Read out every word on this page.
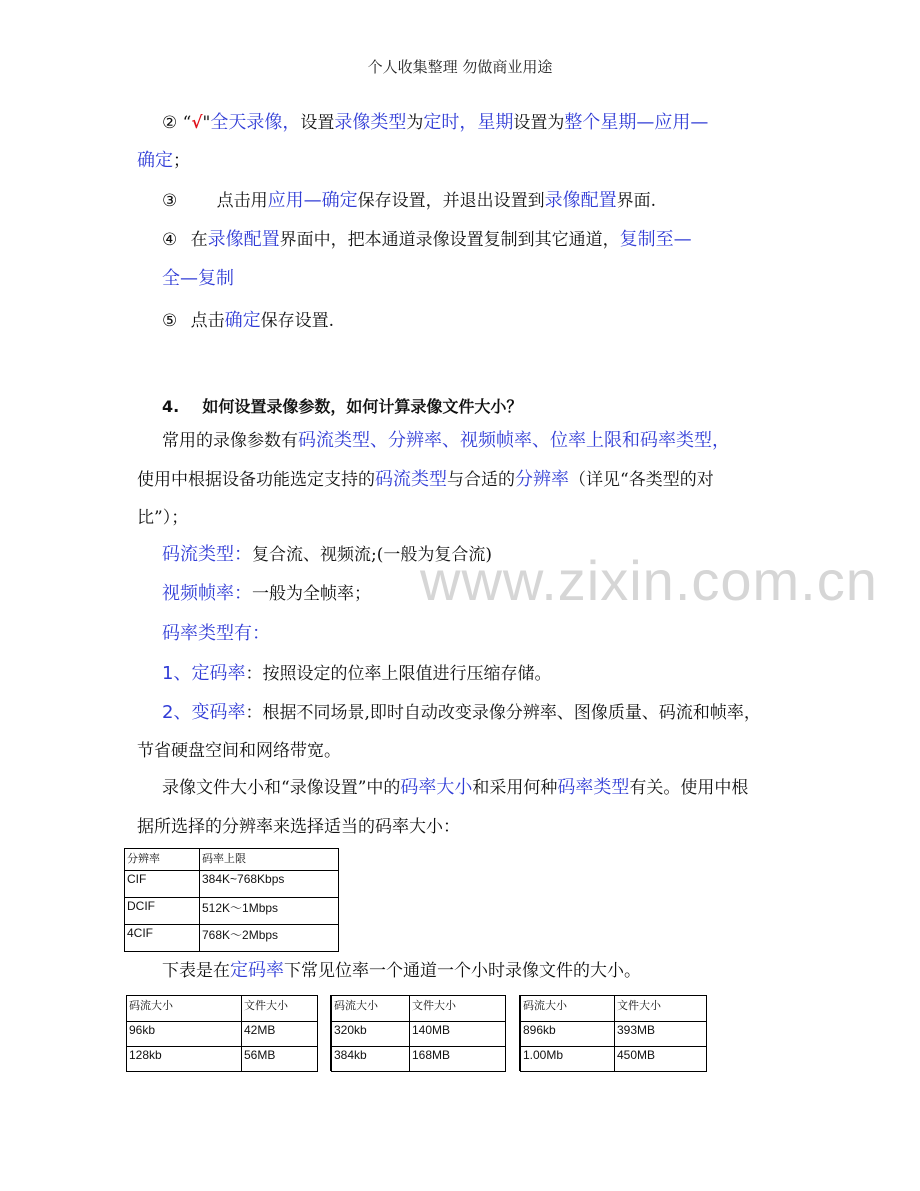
个人收集整理 勿做商业用途
② “√"全天录像，设置录像类型为定时，星期设置为整个星期—应用—
确定；
③ 点击用应用—确定保存设置，并退出设置到录像配置界面.
④ 在录像配置界面中，把本通道录像设置复制到其它通道，复制至—
全—复制
⑤ 点击确定保存设置.
4. 如何设置录像参数，如何计算录像文件大小？
常用的录像参数有码流类型、分辨率、视频帧率、位率上限和码率类型，
使用中根据设备功能选定支持的码流类型与合适的分辨率（详见“各类型的对
比”）；
码流类型：复合流、视频流;(一般为复合流)
视频帧率：一般为全帧率； www.zixin.com.cn
码率类型有：
1、定码率：按照设定的位率上限值进行压缩存储。
2、变码率：根据不同场景,即时自动改变录像分辨率、图像质量、码流和帧率，
节省硬盘空间和网络带宽。
录像文件大小和“录像设置”中的码率大小和采用何种码率类型有关。使用中根
据所选择的分辨率来选择适当的码率大小：
分辨率	码率上限
CIF	384K~768Kbps
DCIF	512K～1Mbps
4CIF	768K～2Mbps
下表是在定码率下常见位率一个通道一个小时录像文件的大小。
码流大小	文件大小
96kb	42MB
128kb	56MB
码流大小	文件大小
320kb	140MB
384kb	168MB
码流大小	文件大小
896kb	393MB
1.00Mb	450MB
